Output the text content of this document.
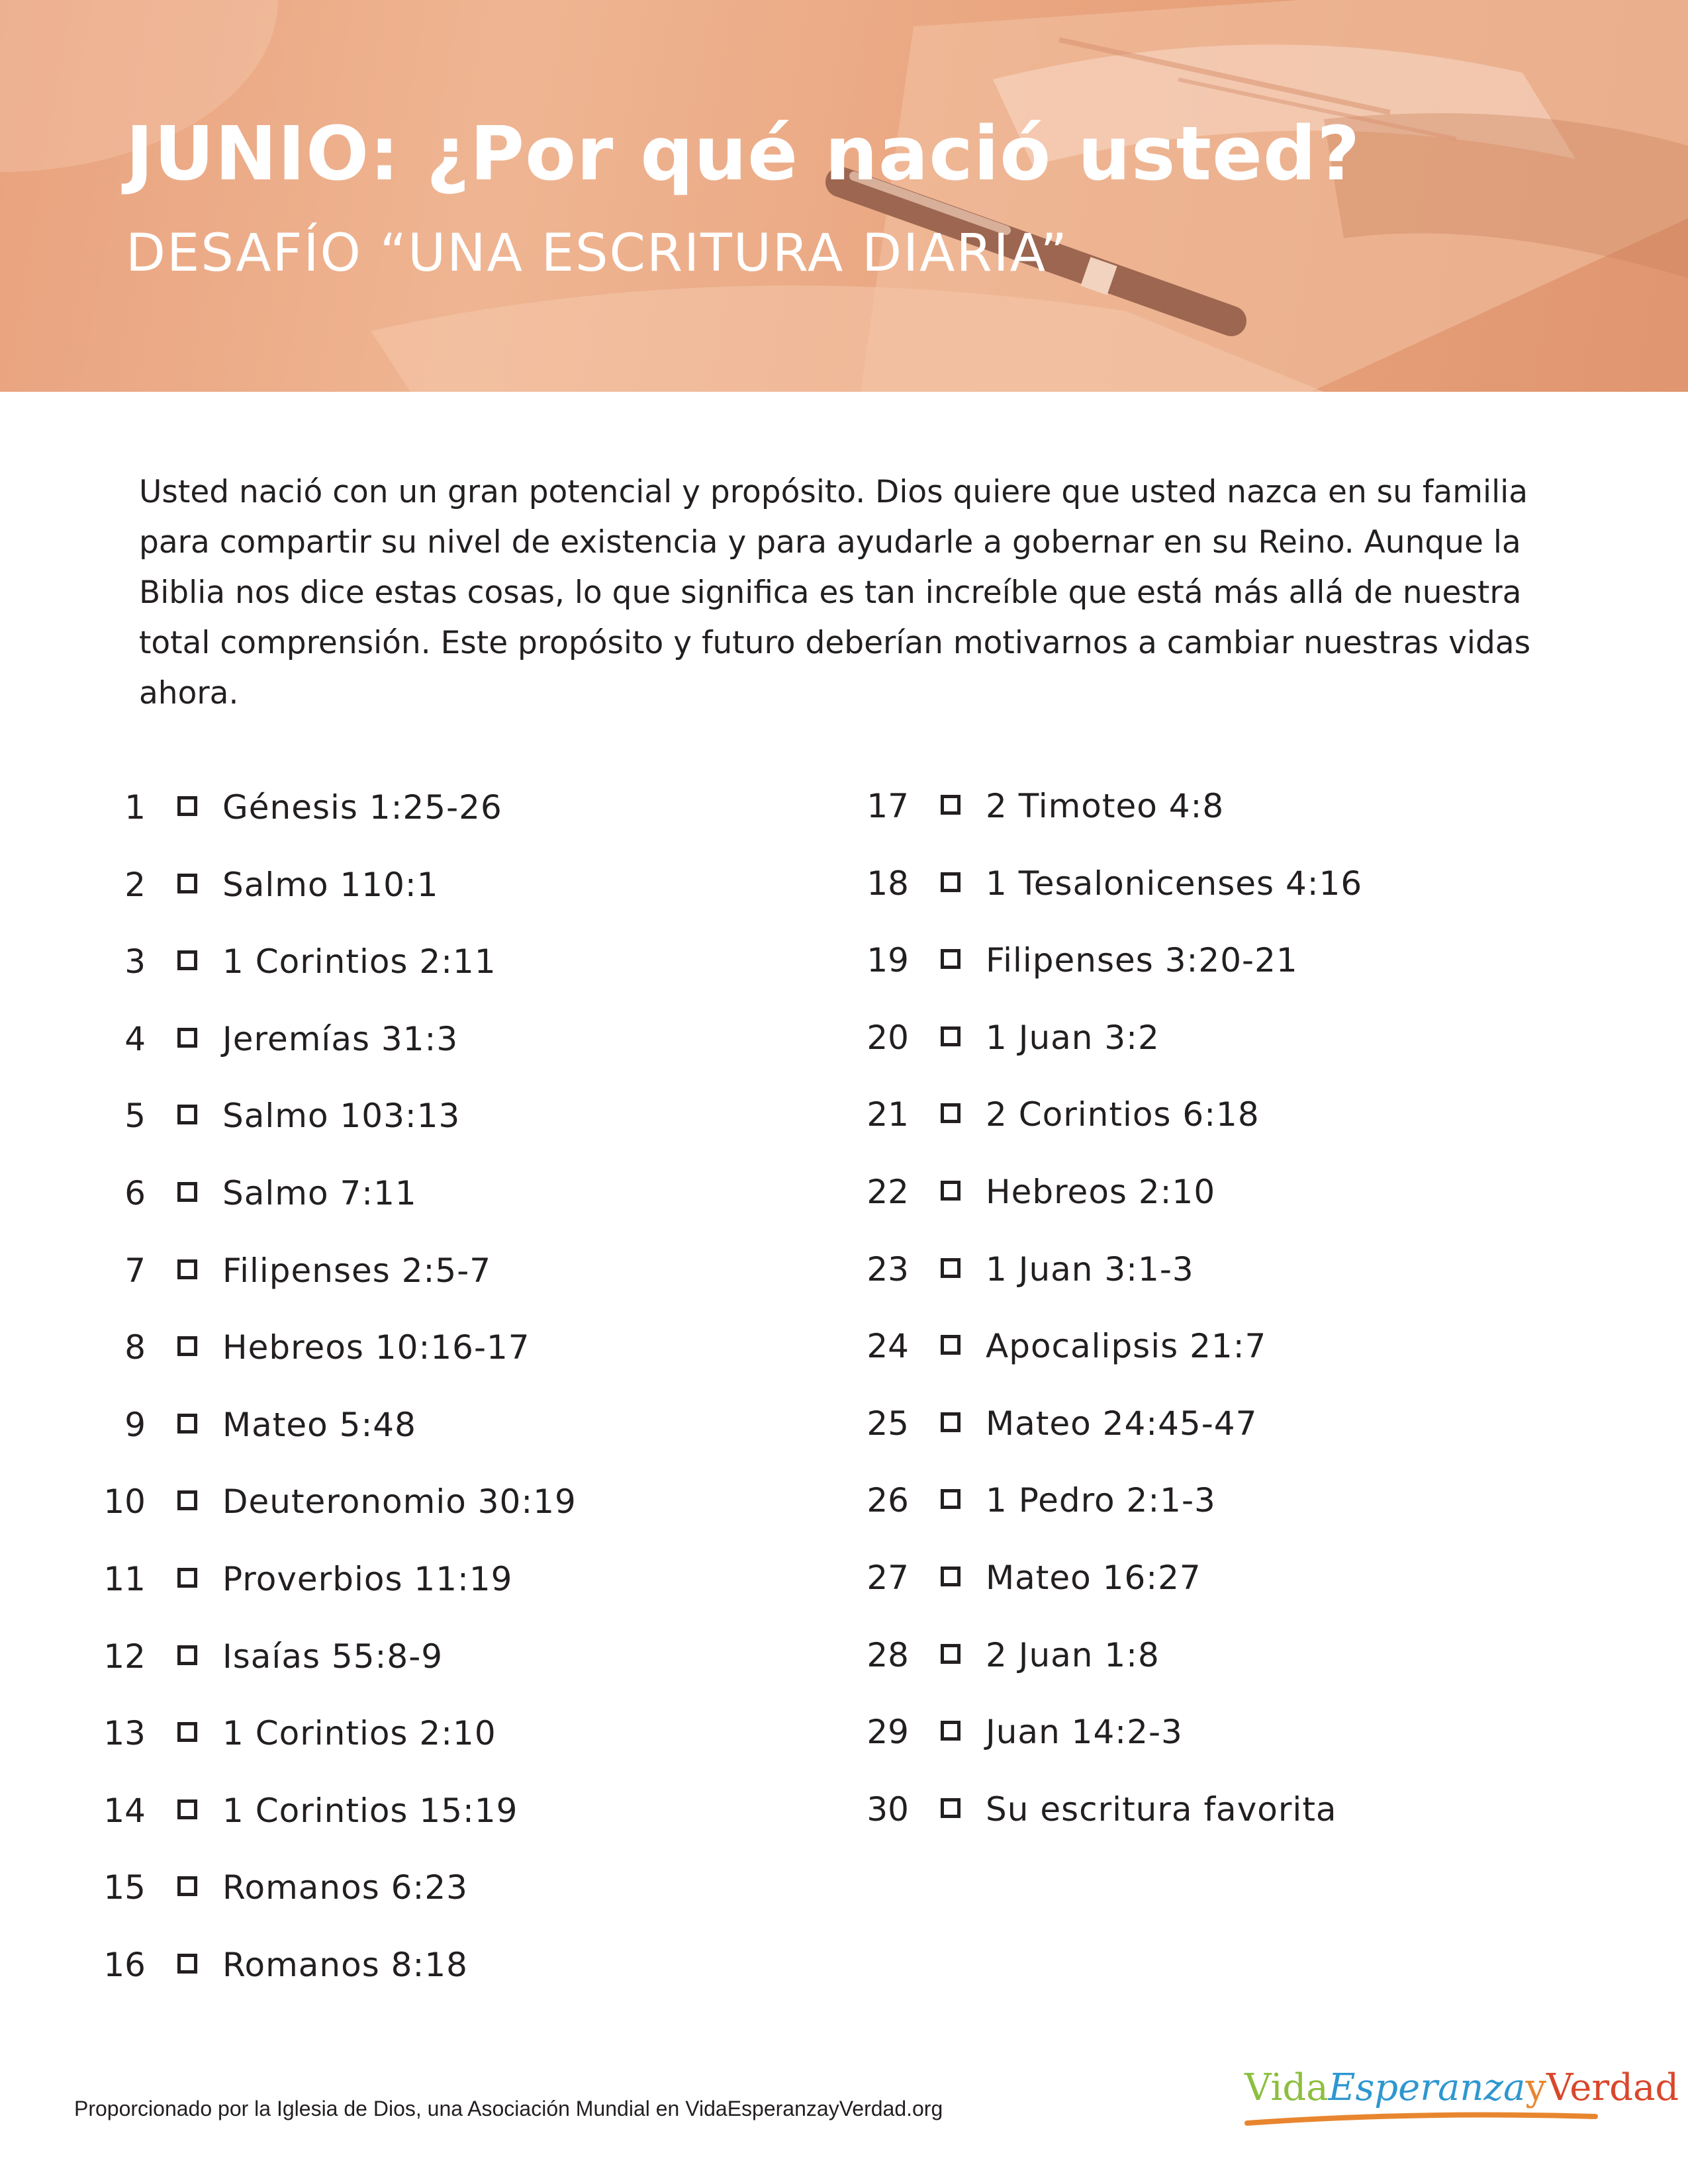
JUNIO: ¿Por qué nació usted?
DESAFÍO “UNA ESCRITURA DIARIA”

Usted nació con un gran potencial y propósito. Dios quiere que usted nazca en su familia para compartir su nivel de existencia y para ayudarle a gobernar en su Reino. Aunque la Biblia nos dice estas cosas, lo que significa es tan increíble que está más allá de nuestra total comprensión. Este propósito y futuro deberían motivarnos a cambiar nuestras vidas ahora.

1 Génesis 1:25-26
2 Salmo 110:1
3 1 Corintios 2:11
4 Jeremías 31:3
5 Salmo 103:13
6 Salmo 7:11
7 Filipenses 2:5-7
8 Hebreos 10:16-17
9 Mateo 5:48
10 Deuteronomio 30:19
11 Proverbios 11:19
12 Isaías 55:8-9
13 1 Corintios 2:10
14 1 Corintios 15:19
15 Romanos 6:23
16 Romanos 8:18
17 2 Timoteo 4:8
18 1 Tesalonicenses 4:16
19 Filipenses 3:20-21
20 1 Juan 3:2
21 2 Corintios 6:18
22 Hebreos 2:10
23 1 Juan 3:1-3
24 Apocalipsis 21:7
25 Mateo 24:45-47
26 1 Pedro 2:1-3
27 Mateo 16:27
28 2 Juan 1:8
29 Juan 14:2-3
30 Su escritura favorita

Proporcionado por la Iglesia de Dios, una Asociación Mundial en VidaEsperanzayVerdad.org	VidaEsperanzayVerdad
